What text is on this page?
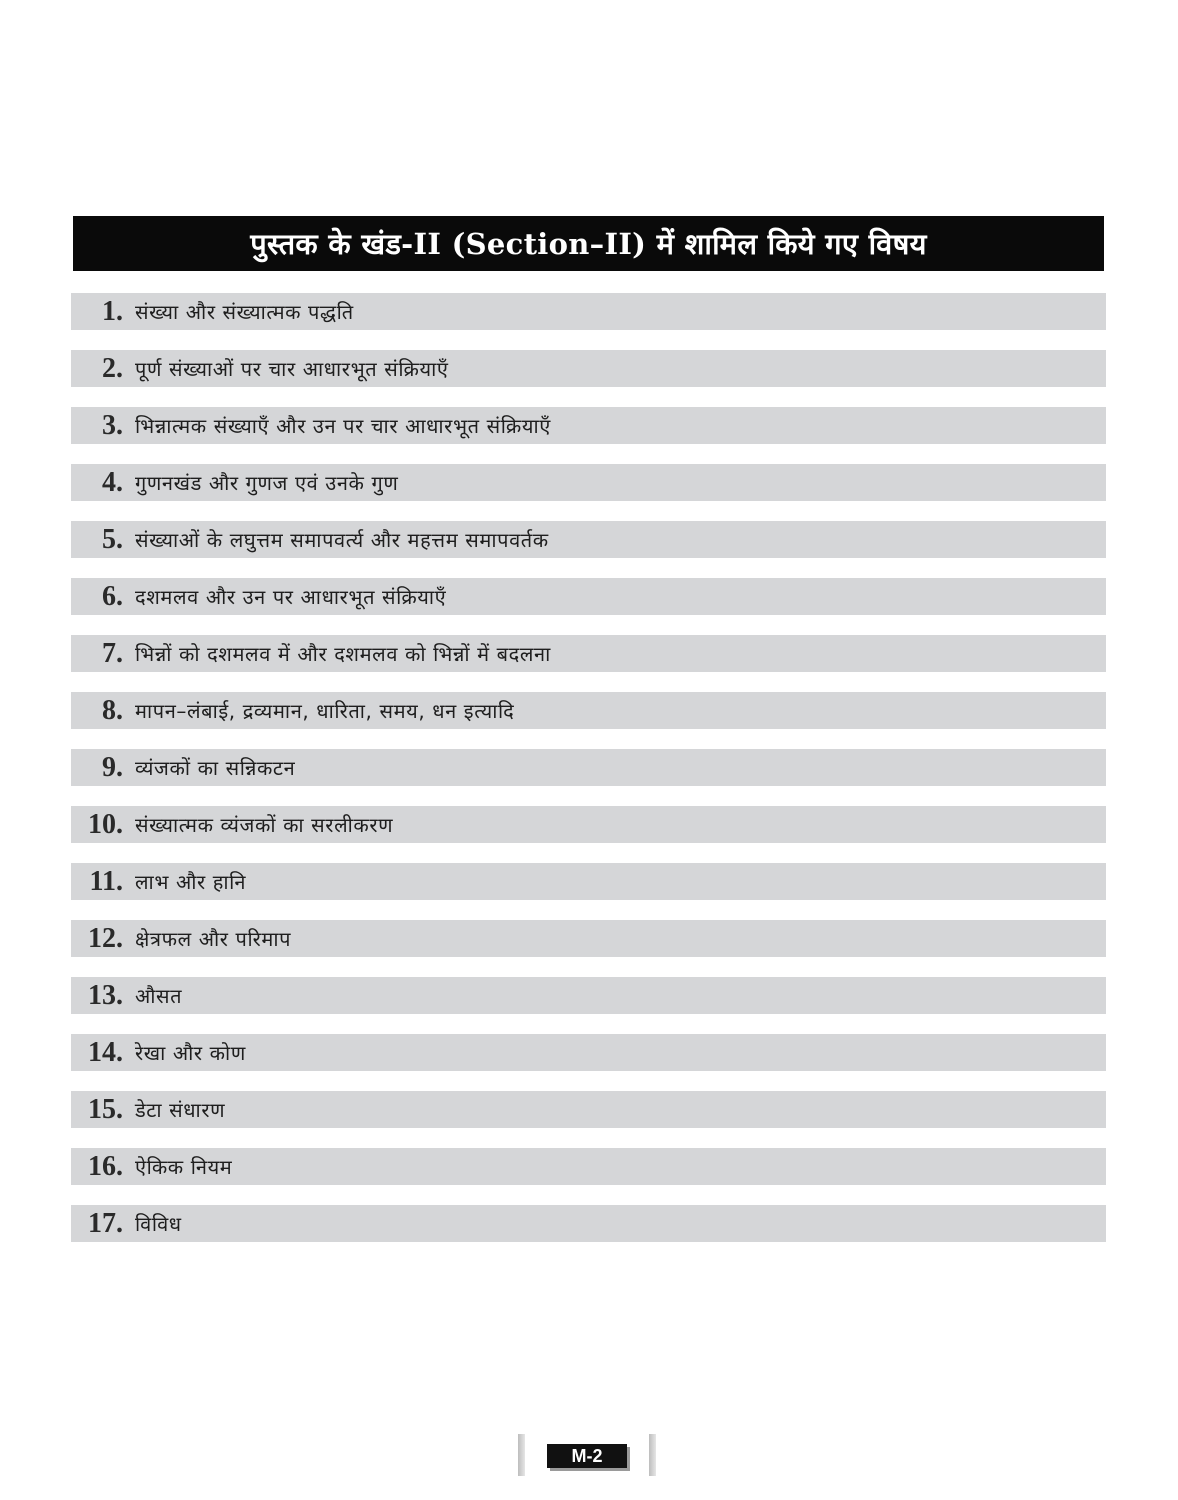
पुस्तक के खंड-II (Section–II) में शामिल किये गए विषय
1. संख्या और संख्यात्मक पद्धति
2. पूर्ण संख्याओं पर चार आधारभूत संक्रियाएँ
3. भिन्नात्मक संख्याएँ और उन पर चार आधारभूत संक्रियाएँ
4. गुणनखंड और गुणज एवं उनके गुण
5. संख्याओं के लघुत्तम समापवर्त्य और महत्तम समापवर्तक
6. दशमलव और उन पर आधारभूत संक्रियाएँ
7. भिन्नों को दशमलव में और दशमलव को भिन्नों में बदलना
8. मापन–लंबाई, द्रव्यमान, धारिता, समय, धन इत्यादि
9. व्यंजकों का सन्निकटन
10. संख्यात्मक व्यंजकों का सरलीकरण
11. लाभ और हानि
12. क्षेत्रफल और परिमाप
13. औसत
14. रेखा और कोण
15. डेटा संधारण
16. ऐकिक नियम
17. विविध
M-2
